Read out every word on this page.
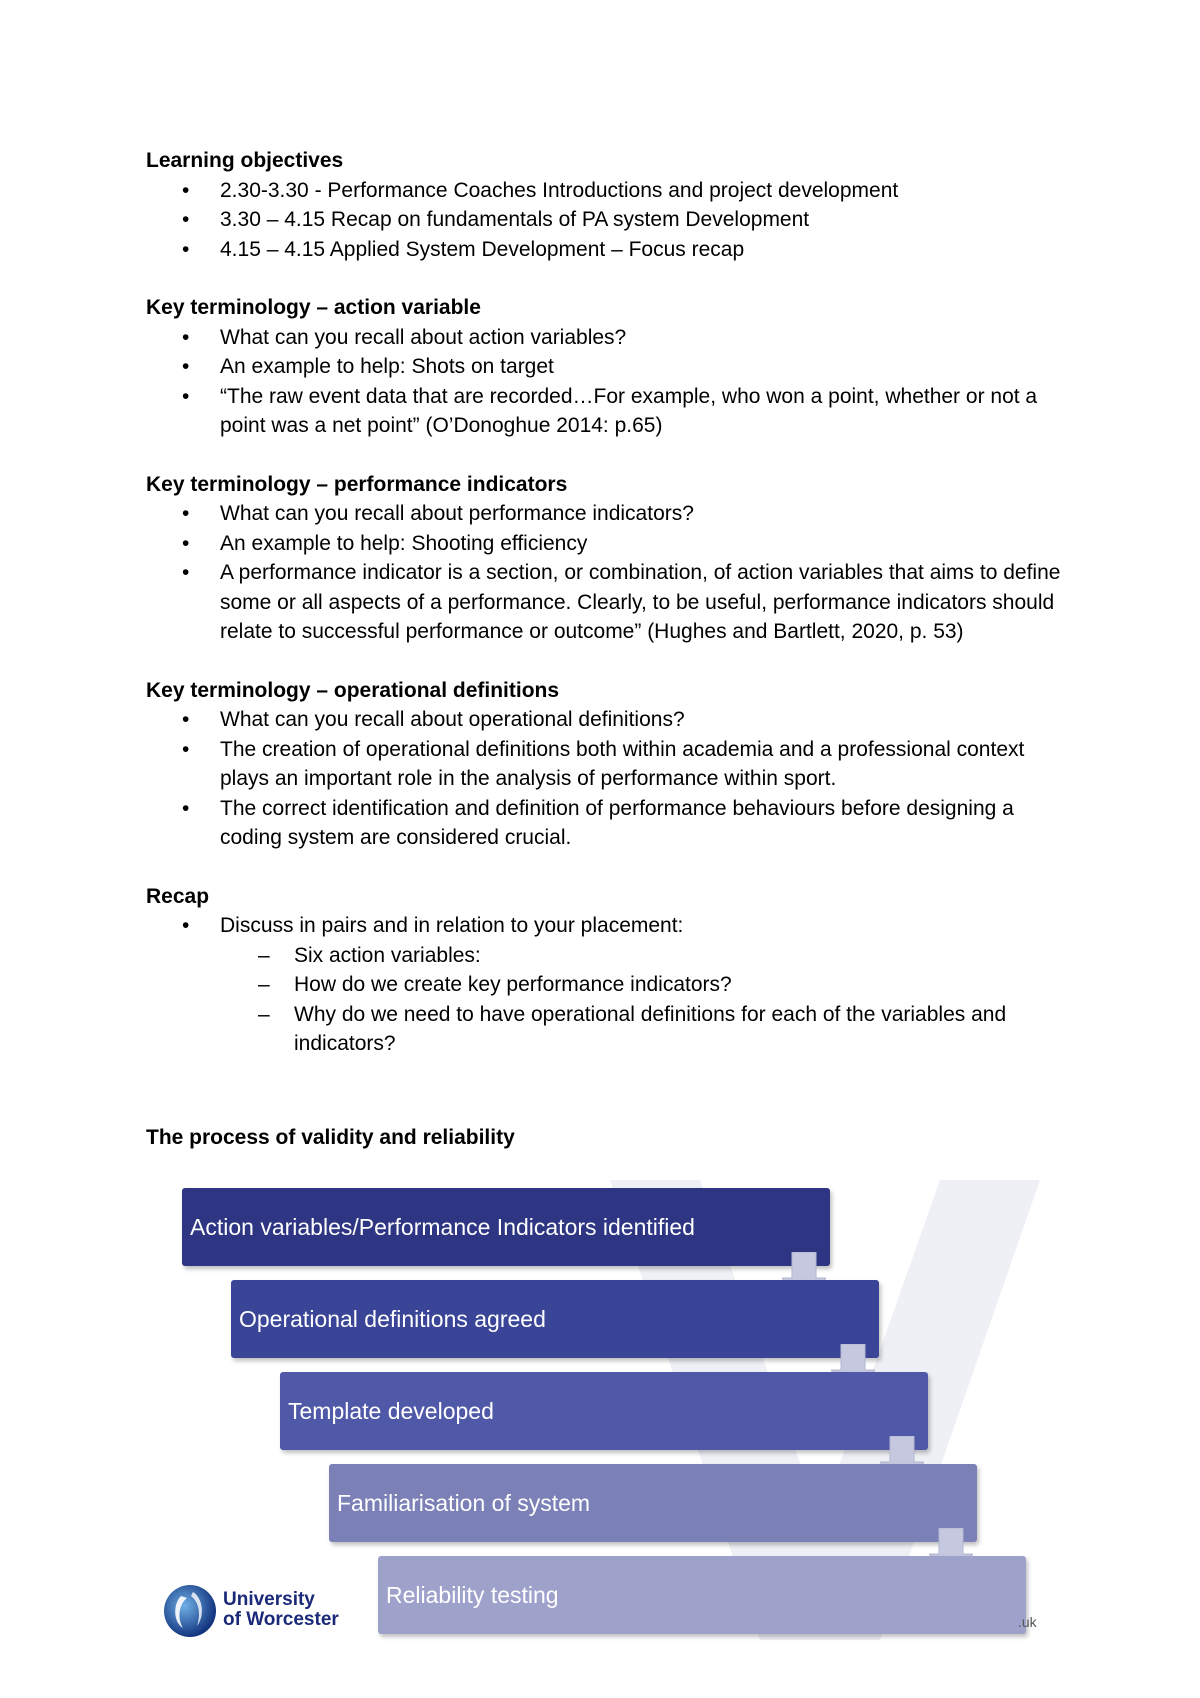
Learning objectives

• 2.30-3.30 - Performance Coaches Introductions and project development
• 3.30 – 4.15 Recap on fundamentals of PA system Development
• 4.15 – 4.15 Applied System Development – Focus recap

Key terminology – action variable

• What can you recall about action variables?
• An example to help: Shots on target
• “The raw event data that are recorded…For example, who won a point, whether or not a point was a net point” (O’Donoghue 2014: p.65)

Key terminology – performance indicators

• What can you recall about performance indicators?
• An example to help: Shooting efficiency
• A performance indicator is a section, or combination, of action variables that aims to define some or all aspects of a performance. Clearly, to be useful, performance indicators should relate to successful performance or outcome” (Hughes and Bartlett, 2020, p. 53)

Key terminology – operational definitions

• What can you recall about operational definitions?
• The creation of operational definitions both within academia and a professional context plays an important role in the analysis of performance within sport.
• The correct identification and definition of performance behaviours before designing a coding system are considered crucial.

Recap

• Discuss in pairs and in relation to your placement:
– Six action variables:
– How do we create key performance indicators?
– Why do we need to have operational definitions for each of the variables and indicators?
The process of validity and reliability
Action variables/Performance Indicators identified
Operational definitions agreed
Template developed
Familiarisation of system
Reliability testing
University
of Worcester	.uk
